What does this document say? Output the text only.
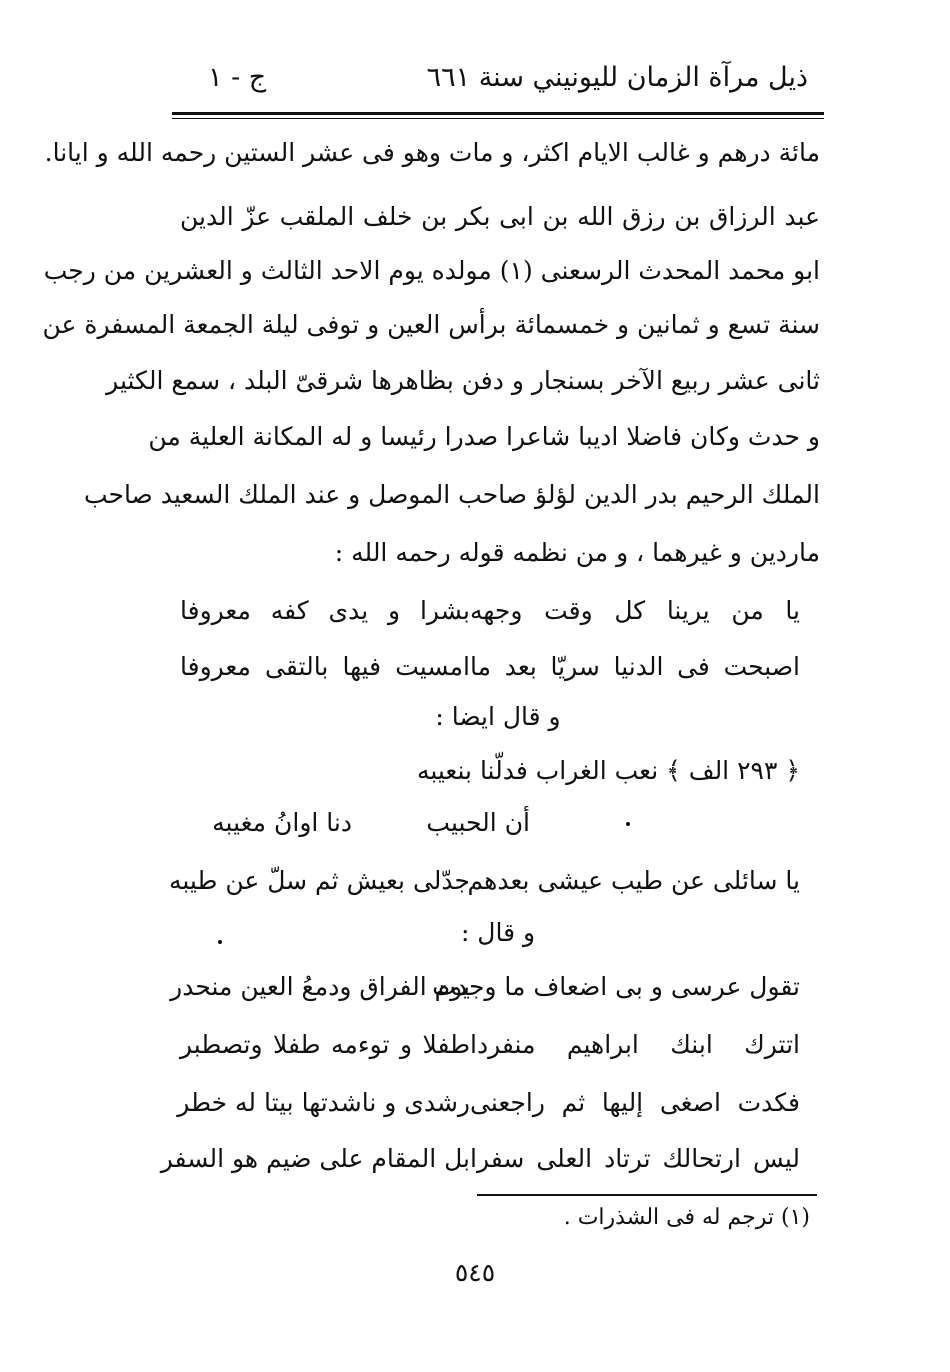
ذيل مرآة الزمان لليونيني سنة ٦٦١
ج - ١
مائة درهم و غالب الايام اكثر، و مات وهو فى عشر الستين رحمه الله و ايانا.
عبد الرزاق بن رزق الله بن ابى بكر بن خلف الملقب عزّ الدين
ابو محمد المحدث الرسعنى (١) مولده يوم الاحد الثالث و العشرين من رجب
سنة تسع و ثمانين و خمسمائة برأس العين و توفى ليلة الجمعة المسفرة عن
ثانى عشر ربيع الآخر بسنجار و دفن بظاهرها شرقىّ البلد ، سمع الكثير
و حدث وكان فاضلا اديبا شاعرا صدرا رئيسا و له المكانة العلية من
الملك الرحيم بدر الدين لؤلؤ صاحب الموصل و عند الملك السعيد صاحب
ماردين و غيرهما ، و من نظمه قوله رحمه الله :
يا من يرينا كل وقت وجهه
بشرا و يدى كفه معروفا
اصبحت فى الدنيا سريّا بعد ما
امسيت فيها بالتقى معروفا
و قال ايضا :
﴿ ٢٩٣ الف ﴾ نعب الغراب فدلّنا بنعيبه
أن الحبيب
دنا اوانُ مغيبه
يا سائلى عن طيب عيشى بعدهم
جدّلى بعيش ثم سلّ عن طيبه
و قال :
تقول عرسى و بى اضعاف ما وجدت
يوم الفراق ودمعُ العين منحدر
اتترك ابنك ابراهيم منفردا
طفلا و توءمه طفلا وتصطبر
فكدت اصغى إليها ثم راجعنى
رشدى و ناشدتها بيتا له خطر
ليس ارتحالك ترتاد العلى سفرا
بل المقام على ضيم هو السفر
(١) ترجم له فى الشذرات .
٥٤٥
